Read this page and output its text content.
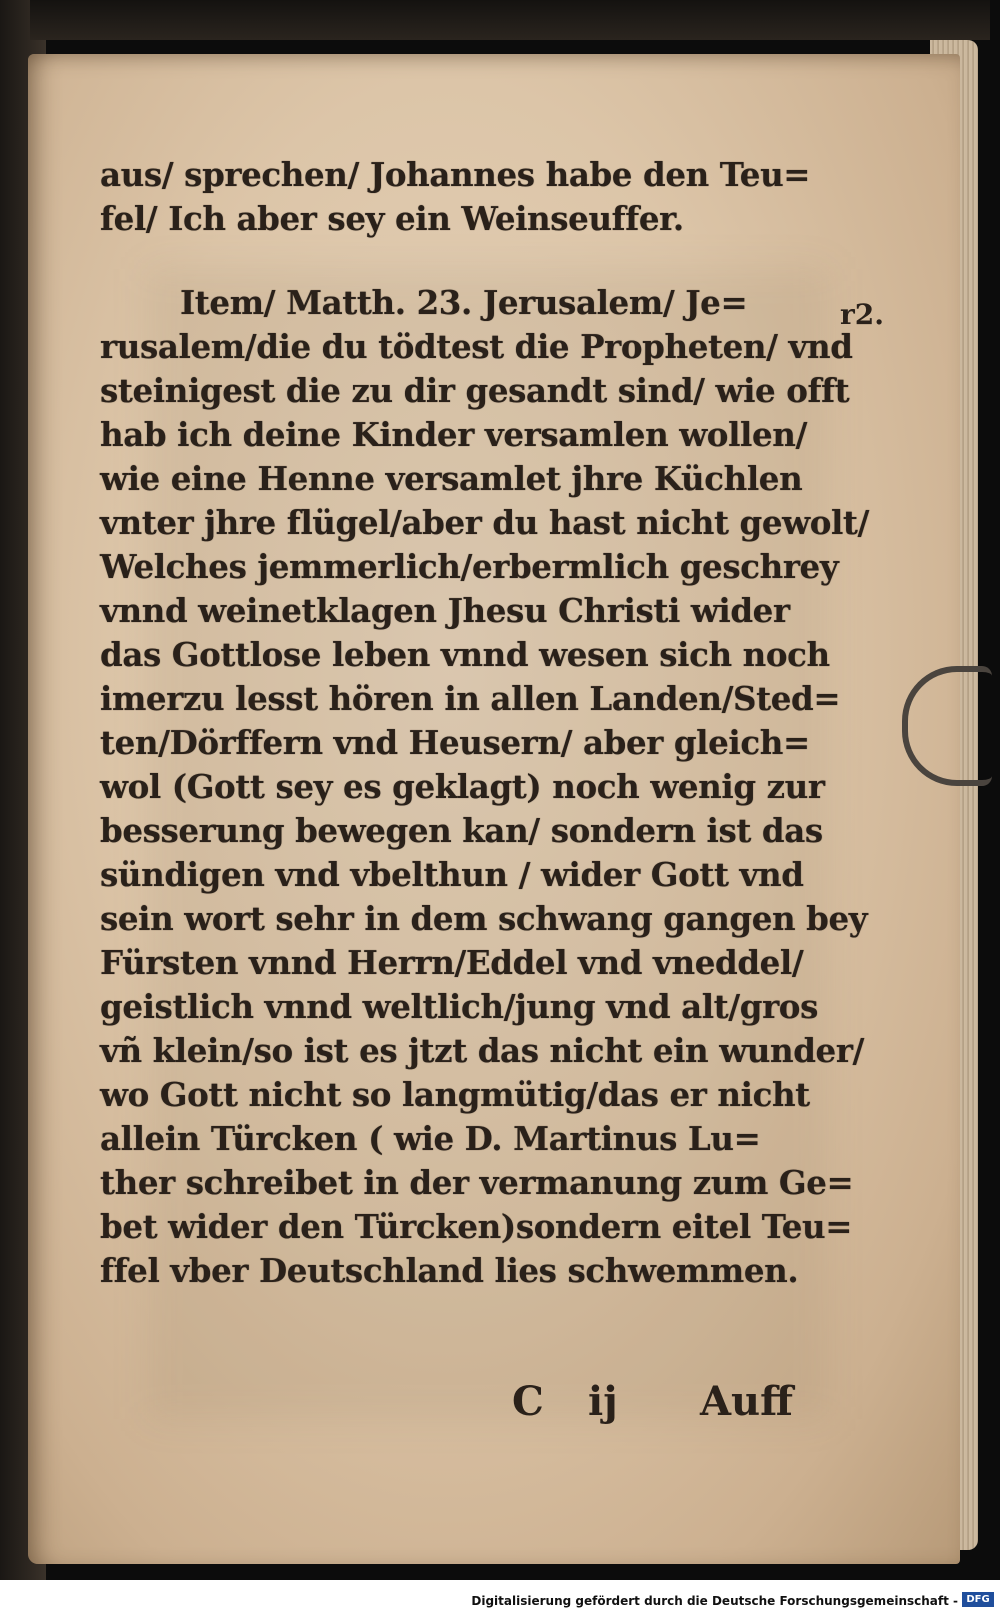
aus/ sprechen/ Johannes habe den Teu=
fel/ Ich aber sey ein Weinseuffer.
Item/ Matth. 23. Jerusalem/ Je=
rusalem/die du tödtest die Propheten/ vnd
steinigest die zu dir gesandt sind/ wie offt
hab ich deine Kinder versamlen wollen/
wie eine Henne versamlet jhre Küchlen
vnter jhre flügel/aber du hast nicht gewolt/
Welches jemmerlich/erbermlich geschrey
vnnd weinetklagen Jhesu Christi wider
das Gottlose leben vnnd wesen sich noch
imerzu lesst hören in allen Landen/Sted=
ten/Dörffern vnd Heusern/ aber gleich=
wol (Gott sey es geklagt) noch wenig zur
besserung bewegen kan/ sondern ist das
sündigen vnd vbelthun / wider Gott vnd
sein wort sehr in dem schwang gangen bey
Fürsten vnnd Herrn/Eddel vnd vneddel/
geistlich vnnd weltlich/jung vnd alt/gros
vñ klein/so ist es jtzt das nicht ein wunder/
wo Gott nicht so langmütig/das er nicht
allein Türcken ( wie D. Martinus Lu=
ther schreibet in der vermanung zum Ge=
bet wider den Türcken)sondern eitel Teu=
ffel vber Deutschland lies schwemmen.
r2.
C ij Auff
Digitalisierung gefördert durch die Deutsche Forschungsgemeinschaft - DFG
